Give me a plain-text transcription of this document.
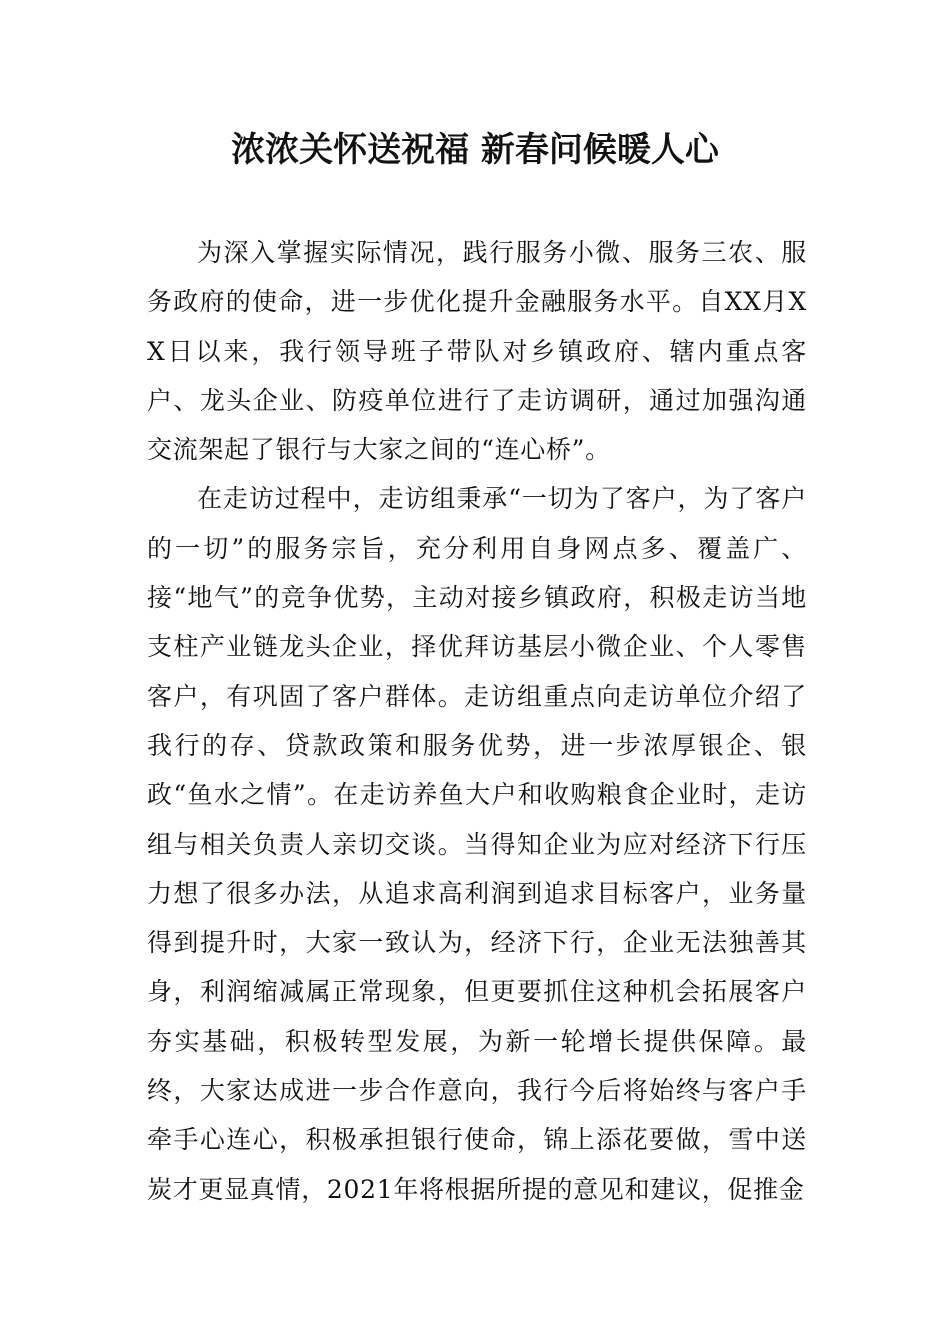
浓浓关怀送祝福 新春问候暖人心

为深入掌握实际情况，践行服务小微、服务三农、服务政府的使命，进一步优化提升金融服务水平。自XX月XX日以来，我行领导班子带队对乡镇政府、辖内重点客户、龙头企业、防疫单位进行了走访调研，通过加强沟通交流架起了银行与大家之间的“连心桥”。

在走访过程中，走访组秉承“一切为了客户，为了客户的一切”的服务宗旨，充分利用自身网点多、覆盖广、接“地气”的竞争优势，主动对接乡镇政府，积极走访当地支柱产业链龙头企业，择优拜访基层小微企业、个人零售客户，有巩固了客户群体。走访组重点向走访单位介绍了我行的存、贷款政策和服务优势，进一步浓厚银企、银政“鱼水之情”。在走访养鱼大户和收购粮食企业时，走访组与相关负责人亲切交谈。当得知企业为应对经济下行压力想了很多办法，从追求高利润到追求目标客户，业务量得到提升时，大家一致认为，经济下行，企业无法独善其身，利润缩减属正常现象，但更要抓住这种机会拓展客户夯实基础，积极转型发展，为新一轮增长提供保障。最终，大家达成进一步合作意向，我行今后将始终与客户手牵手心连心，积极承担银行使命，锦上添花要做，雪中送炭才更显真情，2021年将根据所提的意见和建议，促推金
